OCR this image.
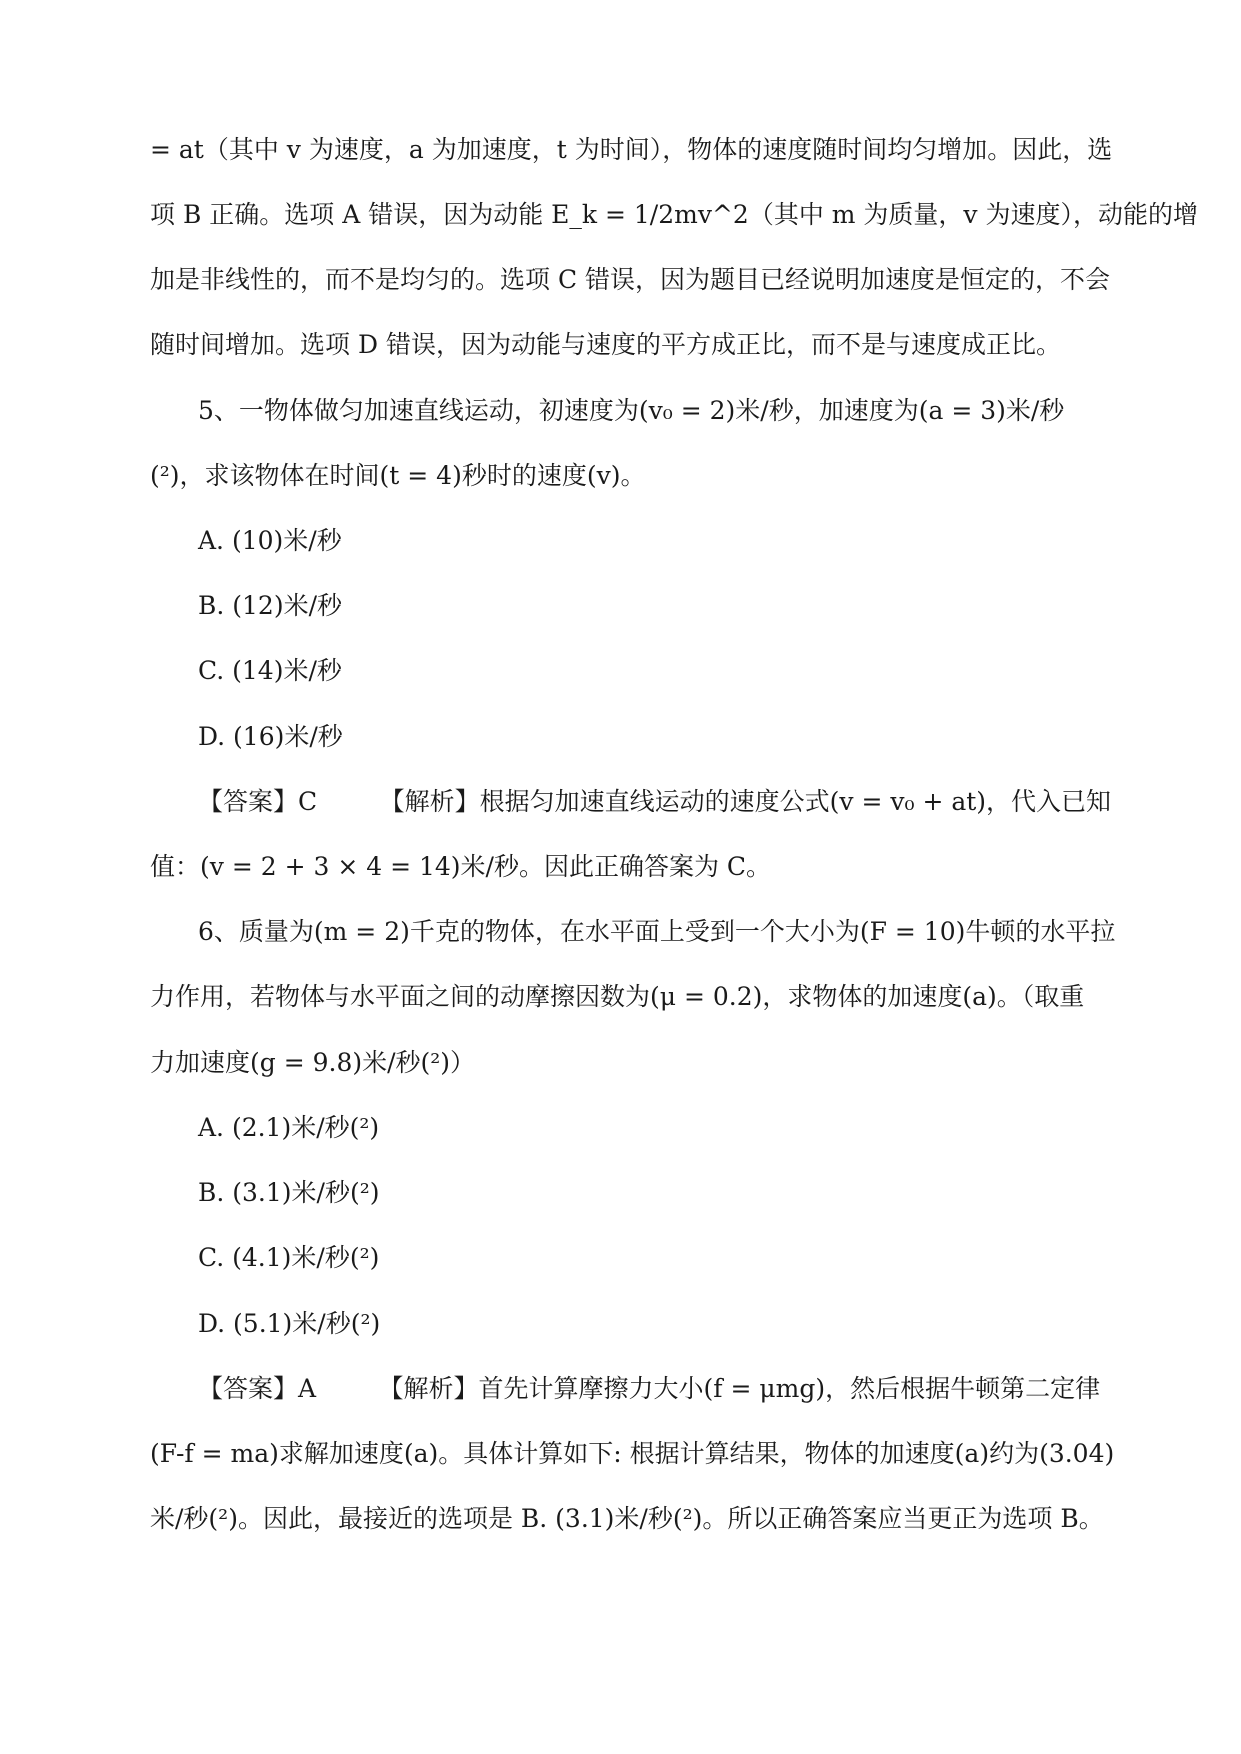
= at（其中 v 为速度，a 为加速度，t 为时间），物体的速度随时间均匀增加。因此，选
项 B 正确。选项 A 错误，因为动能 E_k = 1/2mv^2（其中 m 为质量，v 为速度），动能的增
加是非线性的，而不是均匀的。选项 C 错误，因为题目已经说明加速度是恒定的，不会
随时间增加。选项 D 错误，因为动能与速度的平方成正比，而不是与速度成正比。
5、一物体做匀加速直线运动，初速度为(v₀ = 2)米/秒，加速度为(a = 3)米/秒
(²)，求该物体在时间(t = 4)秒时的速度(v)。
A. (10)米/秒
B. (12)米/秒
C. (14)米/秒
D. (16)米/秒
【答案】C　　　【解析】根据匀加速直线运动的速度公式(v = v₀ + at)，代入已知
值：(v = 2 + 3 × 4 = 14)米/秒。因此正确答案为 C。
6、质量为(m = 2)千克的物体，在水平面上受到一个大小为(F = 10)牛顿的水平拉
力作用，若物体与水平面之间的动摩擦因数为(μ = 0.2)，求物体的加速度(a)。（取重
力加速度(g = 9.8)米/秒(²)）
A. (2.1)米/秒(²)
B. (3.1)米/秒(²)
C. (4.1)米/秒(²)
D. (5.1)米/秒(²)
【答案】A　　　【解析】首先计算摩擦力大小(f = μmg)，然后根据牛顿第二定律
(F-f = ma)求解加速度(a)。具体计算如下: 根据计算结果，物体的加速度(a)约为(3.04)
米/秒(²)。因此，最接近的选项是 B. (3.1)米/秒(²)。所以正确答案应当更正为选项 B。
